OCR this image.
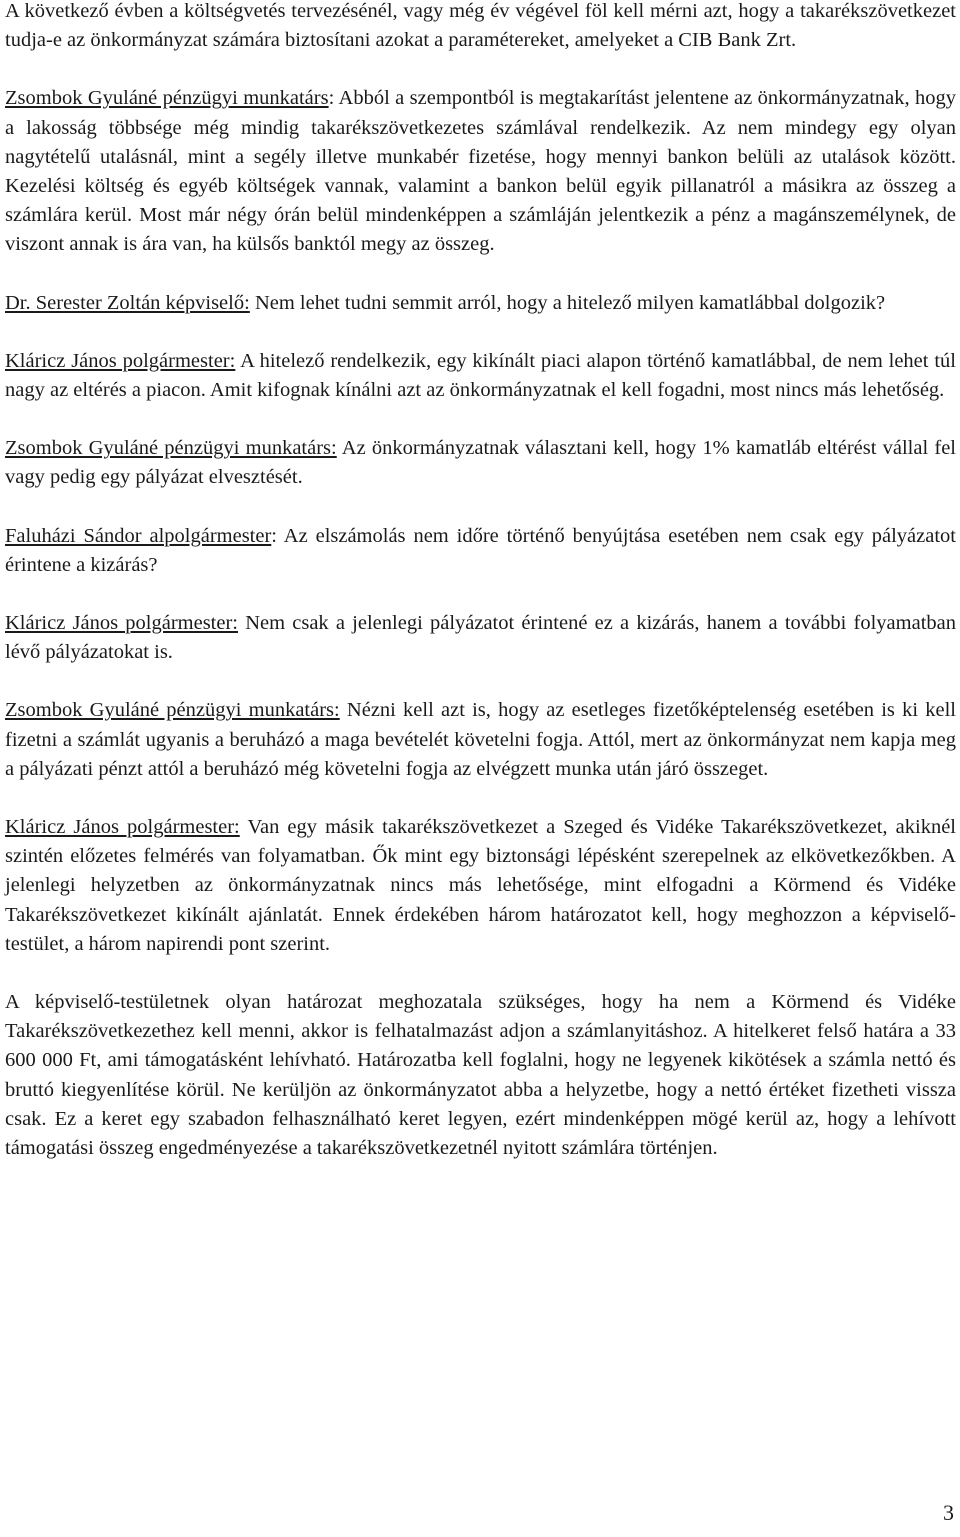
A következő évben a költségvetés tervezésénél, vagy még év végével föl kell mérni azt, hogy a takarékszövetkezet tudja-e az önkormányzat számára biztosítani azokat a paramétereket, amelyeket a CIB Bank Zrt.

Zsombok Gyuláné pénzügyi munkatárs: Abból a szempontból is megtakarítást jelentene az önkormányzatnak, hogy a lakosság többsége még mindig takarékszövetkezetes számlával rendelkezik. Az nem mindegy egy olyan nagytételű utalásnál, mint a segély illetve munkabér fizetése, hogy mennyi bankon belüli az utalások között. Kezelési költség és egyéb költségek vannak, valamint a bankon belül egyik pillanatról a másikra az összeg a számlára kerül. Most már négy órán belül mindenképpen a számláján jelentkezik a pénz a magánszemélynek, de viszont annak is ára van, ha külsős banktól megy az összeg.

Dr. Serester Zoltán képviselő: Nem lehet tudni semmit arról, hogy a hitelező milyen kamatlábbal dolgozik?

Kláricz János polgármester: A hitelező rendelkezik, egy kikínált piaci alapon történő kamatlábbal, de nem lehet túl nagy az eltérés a piacon. Amit kifognak kínálni azt az önkormányzatnak el kell fogadni, most nincs más lehetőség.

Zsombok Gyuláné pénzügyi munkatárs: Az önkormányzatnak választani kell, hogy 1% kamatláb eltérést vállal fel vagy pedig egy pályázat elvesztését.

Faluházi Sándor alpolgármester: Az elszámolás nem időre történő benyújtása esetében nem csak egy pályázatot érintene a kizárás?

Kláricz János polgármester: Nem csak a jelenlegi pályázatot érintené ez a kizárás, hanem a további folyamatban lévő pályázatokat is.

Zsombok Gyuláné pénzügyi munkatárs: Nézni kell azt is, hogy az esetleges fizetőképtelenség esetében is ki kell fizetni a számlát ugyanis a beruházó a maga bevételét követelni fogja. Attól, mert az önkormányzat nem kapja meg a pályázati pénzt attól a beruházó még követelni fogja az elvégzett munka után járó összeget.

Kláricz János polgármester: Van egy másik takarékszövetkezet a Szeged és Vidéke Takarékszövetkezet, akiknél szintén előzetes felmérés van folyamatban. Ők mint egy biztonsági lépésként szerepelnek az elkövetkezőkben. A jelenlegi helyzetben az önkormányzatnak nincs más lehetősége, mint elfogadni a Körmend és Vidéke Takarékszövetkezet kikínált ajánlatát. Ennek érdekében három határozatot kell, hogy meghozzon a képviselő-testület, a három napirendi pont szerint.

A képviselő-testületnek olyan határozat meghozatala szükséges, hogy ha nem a Körmend és Vidéke Takarékszövetkezethez kell menni, akkor is felhatalmazást adjon a számlanyitáshoz. A hitelkeret felső határa a 33 600 000 Ft, ami támogatásként lehívható. Határozatba kell foglalni, hogy ne legyenek kikötések a számla nettó és bruttó kiegyenlítése körül. Ne kerüljön az önkormányzatot abba a helyzetbe, hogy a nettó értéket fizetheti vissza csak. Ez a keret egy szabadon felhasználható keret legyen, ezért mindenképpen mögé kerül az, hogy a lehívott támogatási összeg engedményezése a takarékszövetkezetnél nyitott számlára történjen.

3
